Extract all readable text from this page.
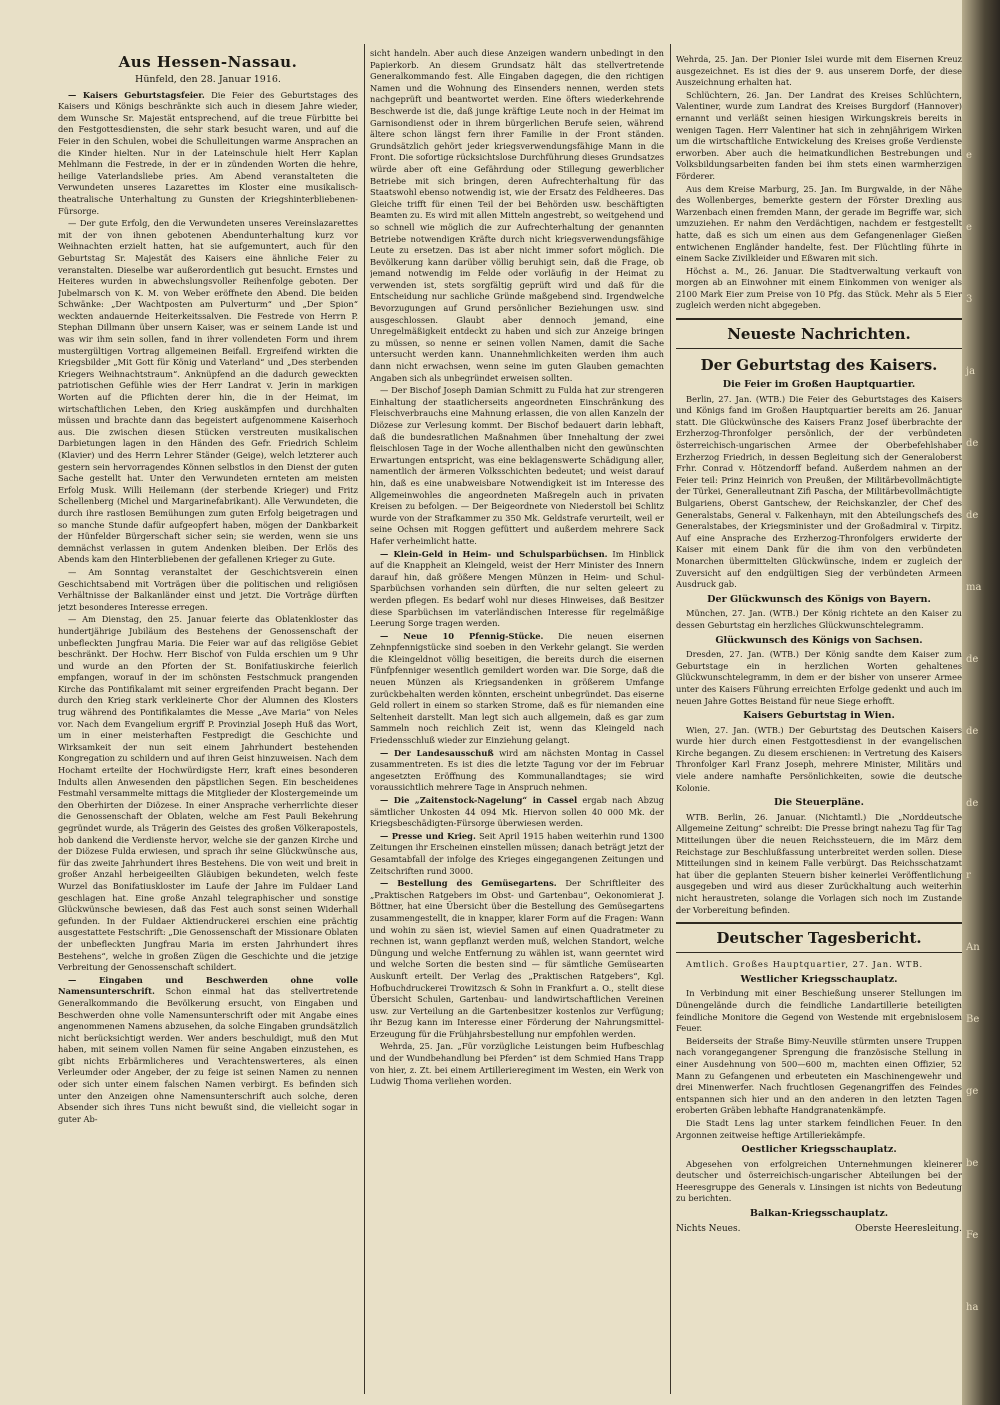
Aus Hessen-Nassau.
Hünfeld, den 28. Januar 1916.

— Kaisers Geburtstagsfeier. Die Feier des Geburtstages des Kaisers und Königs beschränkte sich auch in diesem Jahre wieder, dem Wunsche Sr. Majestät entsprechend, auf die treue Fürbitte bei den Festgottesdiensten, die sehr stark besucht waren, und auf die Feier in den Schulen, wobei die Schulleitungen warme Ansprachen an die Kinder hielten. Nur in der Lateinschule hielt Herr Kaplan Mehlmann die Festrede, in der er in zündenden Worten die hehre, heilige Vaterlandsliebe pries. Am Abend veranstalteten die Verwundeten unseres Lazarettes im Kloster eine musikalisch-theatralische Unterhaltung zu Gunsten der Kriegshinterbliebenen-Fürsorge.

— Der gute Erfolg, den die Verwundeten unseres Vereinslazarettes mit der von ihnen gebotenen Abendunterhaltung kurz vor Weihnachten erzielt hatten, hat sie aufgemuntert, auch für den Geburtstag Sr. Majestät des Kaisers eine ähnliche Feier zu veranstalten. Dieselbe war außerordentlich gut besucht. Ernstes und Heiteres wurden in abwechslungsvoller Reihenfolge geboten. Der Jubelmarsch von K. M. von Weber eröffnete den Abend. Die beiden Schwänke: „Der Wachtposten am Pulverturm“ und „Der Spion“ weckten andauernde Heiterkeitssalven. Die Festrede von Herrn P. Stephan Dillmann über unsern Kaiser, was er seinem Lande ist und was wir ihm sein sollen, fand in ihrer vollendeten Form und ihrem mustergültigen Vortrag allgemeinen Beifall. Ergreifend wirkten die Kriegsbilder „Mit Gott für König und Vaterland“ und „Des sterbenden Kriegers Weihnachtstraum“. Anknüpfend an die dadurch geweckten patriotischen Gefühle wies der Herr Landrat v. Jerin in markigen Worten auf die Pflichten derer hin, die in der Heimat, im wirtschaftlichen Leben, den Krieg auskämpfen und durchhalten müssen und brachte dann das begeistert aufgenommene Kaiserhoch aus. Die zwischen diesen Stücken verstreuten musikalischen Darbietungen lagen in den Händen des Gefr. Friedrich Schleim (Klavier) und des Herrn Lehrer Ständer (Geige), welch letzterer auch gestern sein hervorragendes Können selbstlos in den Dienst der guten Sache gestellt hat. Unter den Verwundeten ernteten am meisten Erfolg Musk. Willi Heilemann (der sterbende Krieger) und Fritz Schellenberg (Michel und Margarinefabrikant). Alle Verwundeten, die durch ihre rastlosen Bemühungen zum guten Erfolg beigetragen und so manche Stunde dafür aufgeopfert haben, mögen der Dankbarkeit der Hünfelder Bürgerschaft sicher sein; sie werden, wenn sie uns demnächst verlassen in gutem Andenken bleiben. Der Erlös des Abends kam den Hinterbliebenen der gefallenen Krieger zu Gute.

— Am Sonntag veranstaltet der Geschichtsverein einen Geschichtsabend mit Vorträgen über die politischen und religiösen Verhältnisse der Balkanländer einst und jetzt. Die Vorträge dürften jetzt besonderes Interesse erregen.

— Am Dienstag, den 25. Januar feierte das Oblatenkloster das hundertjährige Jubiläum des Bestehens der Genossenschaft der unbefleckten Jungfrau Maria. Die Feier war auf das religiöse Gebiet beschränkt. Der Hochw. Herr Bischof von Fulda erschien um 9 Uhr und wurde an den Pforten der St. Bonifatiuskirche feierlich empfangen, worauf in der im schönsten Festschmuck prangenden Kirche das Pontifikalamt mit seiner ergreifenden Pracht begann. Der durch den Krieg stark verkleinerte Chor der Alumnen des Klosters trug während des Pontifikalamtes die Messe „Ave Maria“ von Neles vor. Nach dem Evangelium ergriff P. Provinzial Joseph Huß das Wort, um in einer meisterhaften Festpredigt die Geschichte und Wirksamkeit der nun seit einem Jahrhundert bestehenden Kongregation zu schildern und auf ihren Geist hinzuweisen. Nach dem Hochamt erteilte der Hochwürdigste Herr, kraft eines besonderen Indults allen Anwesenden den päpstlichen Segen. Ein bescheidenes Festmahl versammelte mittags die Mitglieder der Klostergemeinde um den Oberhirten der Diözese. In einer Ansprache verherrlichte dieser die Genossenschaft der Oblaten, welche am Fest Pauli Bekehrung gegründet wurde, als Trägerin des Geistes des großen Völkerapostels, hob dankend die Verdienste hervor, welche sie der ganzen Kirche und der Diözese Fulda erwiesen, und sprach ihr seine Glückwünsche aus, für das zweite Jahrhundert ihres Bestehens. Die von weit und breit in großer Anzahl herbeigeeilten Gläubigen bekundeten, welch feste Wurzel das Bonifatiuskloster im Laufe der Jahre im Fuldaer Land geschlagen hat. Eine große Anzahl telegraphischer und sonstige Glückwünsche bewiesen, daß das Fest auch sonst seinen Widerhall gefunden. In der Fuldaer Aktiendruckerei erschien eine prächtig ausgestattete Festschrift: „Die Genossenschaft der Missionare Oblaten der unbefleckten Jungfrau Maria im ersten Jahrhundert ihres Bestehens“, welche in großen Zügen die Geschichte und die jetzige Verbreitung der Genossenschaft schildert.

— Eingaben und Beschwerden ohne volle Namensunterschrift. Schon einmal hat das stellvertretende Generalkommando die Bevölkerung ersucht, von Eingaben und Beschwerden ohne volle Namensunterschrift oder mit Angabe eines angenommenen Namens abzusehen, da solche Eingaben grundsätzlich nicht berücksichtigt werden. Wer anders beschuldigt, muß den Mut haben, mit seinem vollen Namen für seine Angaben einzustehen, es gibt nichts Erbärmlicheres und Verachtenswerteres, als einen Verleumder oder Angeber, der zu feige ist seinen Namen zu nennen oder sich unter einem falschen Namen verbirgt. Es befinden sich unter den Anzeigen ohne Namensunterschrift auch solche, deren Absender sich ihres Tuns nicht bewußt sind, die vielleicht sogar in guter Ab-

sicht handeln. Aber auch diese Anzeigen wandern unbedingt in den Papierkorb. An diesem Grundsatz hält das stellvertretende Generalkommando fest. Alle Eingaben dagegen, die den richtigen Namen und die Wohnung des Einsenders nennen, werden stets nachgeprüft und beantwortet werden. Eine öfters wiederkehrende Beschwerde ist die, daß junge kräftige Leute noch in der Heimat im Garnisondienst oder in ihrem bürgerlichen Berufe seien, während ältere schon längst fern ihrer Familie in der Front ständen. Grundsätzlich gehört jeder kriegsverwendungsfähige Mann in die Front. Die sofortige rücksichtslose Durchführung dieses Grundsatzes würde aber oft eine Gefährdung oder Stillegung gewerblicher Betriebe mit sich bringen, deren Aufrechterhaltung für das Staatswohl ebenso notwendig ist, wie der Ersatz des Feldheeres. Das Gleiche trifft für einen Teil der bei Behörden usw. beschäftigten Beamten zu. Es wird mit allen Mitteln angestrebt, so weitgehend und so schnell wie möglich die zur Aufrechterhaltung der genannten Betriebe notwendigen Kräfte durch nicht kriegsverwendungsfähige Leute zu ersetzen. Das ist aber nicht immer sofort möglich. Die Bevölkerung kann darüber völlig beruhigt sein, daß die Frage, ob jemand notwendig im Felde oder vorläufig in der Heimat zu verwenden ist, stets sorgfältig geprüft wird und daß für die Entscheidung nur sachliche Gründe maßgebend sind. Irgendwelche Bevorzugungen auf Grund persönlicher Beziehungen usw. sind ausgeschlossen. Glaubt aber dennoch jemand, eine Unregelmäßigkeit entdeckt zu haben und sich zur Anzeige bringen zu müssen, so nenne er seinen vollen Namen, damit die Sache untersucht werden kann. Unannehmlichkeiten werden ihm auch dann nicht erwachsen, wenn seine im guten Glauben gemachten Angaben sich als unbegründet erweisen sollten.

— Der Bischof Joseph Damian Schmitt zu Fulda hat zur strengeren Einhaltung der staatlicherseits angeordneten Einschränkung des Fleischverbrauchs eine Mahnung erlassen, die von allen Kanzeln der Diözese zur Verlesung kommt. Der Bischof bedauert darin lebhaft, daß die bundesratlichen Maßnahmen über Innehaltung der zwei fleischlosen Tage in der Woche allenthalben nicht den gewünschten Erwartungen entspricht, was eine beklagenswerte Schädigung aller, namentlich der ärmeren Volksschichten bedeutet; und weist darauf hin, daß es eine unabweisbare Notwendigkeit ist im Interesse des Allgemeinwohles die angeordneten Maßregeln auch in privaten Kreisen zu befolgen. — Der Beigeordnete von Niederstoll bei Schlitz wurde von der Strafkammer zu 350 Mk. Geldstrafe verurteilt, weil er seine Ochsen mit Roggen gefüttert und außerdem mehrere Sack Hafer verheimlicht hatte.

— Klein-Geld in Heim- und Schulsparbüchsen. Im Hinblick auf die Knappheit an Kleingeld, weist der Herr Minister des Innern darauf hin, daß größere Mengen Münzen in Heim- und Schul-Sparbüchsen vorhanden sein dürften, die nur selten geleert zu werden pflegen. Es bedarf wohl nur dieses Hinweises, daß Besitzer diese Sparbüchsen im vaterländischen Interesse für regelmäßige Leerung Sorge tragen werden.

— Neue 10 Pfennig-Stücke. Die neuen eisernen Zehnpfennigstücke sind soeben in den Verkehr gelangt. Sie werden die Kleingeldnot völlig beseitigen, die bereits durch die eisernen Fünfpfenniger wesentlich gemildert worden war. Die Sorge, daß die neuen Münzen als Kriegsandenken in größerem Umfange zurückbehalten werden könnten, erscheint unbegründet. Das eiserne Geld rollert in einem so starken Strome, daß es für niemanden eine Seltenheit darstellt. Man legt sich auch allgemein, daß es gar zum Sammeln noch reichlich Zeit ist, wenn das Kleingeld nach Friedensschluß wieder zur Einziehung gelangt.

— Der Landesausschuß wird am nächsten Montag in Cassel zusammentreten. Es ist dies die letzte Tagung vor der im Februar angesetzten Eröffnung des Kommunallandtages; sie wird voraussichtlich mehrere Tage in Anspruch nehmen.

— Die „Zaitenstock-Nagelung“ in Cassel ergab nach Abzug sämtlicher Unkosten 44 094 Mk. Hiervon sollen 40 000 Mk. der Kriegsbeschädigten-Fürsorge überwiesen werden.

— Presse und Krieg. Seit April 1915 haben weiterhin rund 1300 Zeitungen ihr Erscheinen einstellen müssen; danach beträgt jetzt der Gesamtabfall der infolge des Krieges eingegangenen Zeitungen und Zeitschriften rund 3000.

— Bestellung des Gemüsegartens. Der Schriftleiter des „Praktischen Ratgebers im Obst- und Gartenbau“, Oekonomierat J. Böttner, hat eine Übersicht über die Bestellung des Gemüsegartens zusammengestellt, die in knapper, klarer Form auf die Fragen: Wann und wohin zu säen ist, wieviel Samen auf einen Quadratmeter zu rechnen ist, wann gepflanzt werden muß, welchen Standort, welche Düngung und welche Entfernung zu wählen ist, wann geerntet wird und welche Sorten die besten sind — für sämtliche Gemüsearten Auskunft erteilt. Der Verlag des „Praktischen Ratgebers“, Kgl. Hofbuchdruckerei Trowitzsch & Sohn in Frankfurt a. O., stellt diese Übersicht Schulen, Gartenbau- und landwirtschaftlichen Vereinen usw. zur Verteilung an die Gartenbesitzer kostenlos zur Verfügung; ihr Bezug kann im Interesse einer Förderung der Nahrungsmittel-Erzeugung für die Frühjahrsbestellung nur empfohlen werden.

Wehrda, 25. Jan. „Für vorzügliche Leistungen beim Hufbeschlag und der Wundbehandlung bei Pferden“ ist dem Schmied Hans Trapp von hier, z. Zt. bei einem Artillerieregiment im Westen, ein Werk von Ludwig Thoma verliehen worden.

Wehrda, 25. Jan. Der Pionier Islei wurde mit dem Eisernen Kreuz ausgezeichnet. Es ist dies der 9. aus unserem Dorfe, der diese Auszeichnung erhalten hat.

Schlüchtern, 26. Jan. Der Landrat des Kreises Schlüchtern, Valentiner, wurde zum Landrat des Kreises Burgdorf (Hannover) ernannt und verläßt seinen hiesigen Wirkungskreis bereits in wenigen Tagen. Herr Valentiner hat sich in zehnjährigem Wirken um die wirtschaftliche Entwickelung des Kreises große Verdienste erworben. Aber auch die heimatkundlichen Bestrebungen und Volksbildungsarbeiten fanden bei ihm stets einen warmherzigen Förderer.

Aus dem Kreise Marburg, 25. Jan. Im Burgwalde, in der Nähe des Wollenberges, bemerkte gestern der Förster Drexling aus Warzenbach einen fremden Mann, der gerade im Begriffe war, sich umzuziehen. Er nahm den Verdächtigen, nachdem er festgestellt hatte, daß es sich um einen aus dem Gefangenenlager Gießen entwichenen Engländer handelte, fest. Der Flüchtling führte in einem Sacke Zivilkleider und Eßwaren mit sich.

Höchst a. M., 26. Januar. Die Stadtverwaltung verkauft von morgen ab an Einwohner mit einem Einkommen von weniger als 2100 Mark Eier zum Preise von 10 Pfg. das Stück. Mehr als 5 Eier zugleich werden nicht abgegeben.

Neueste Nachrichten.
Der Geburtstag des Kaisers.
Die Feier im Großen Hauptquartier.

Berlin, 27. Jan. (WTB.) Die Feier des Geburtstages des Kaisers und Königs fand im Großen Hauptquartier bereits am 26. Januar statt. Die Glückwünsche des Kaisers Franz Josef überbrachte der Erzherzog-Thronfolger persönlich, der der verbündeten österreichisch-ungarischen Armee der Oberbefehlshaber Erzherzog Friedrich, in dessen Begleitung sich der Generaloberst Frhr. Conrad v. Hötzendorff befand. Außerdem nahmen an der Feier teil: Prinz Heinrich von Preußen, der Militärbevollmächtigte der Türkei, Generalleutnant Zifi Pascha, der Militärbevollmächtigte Bulgariens, Oberst Gantschew, der Reichskanzler, der Chef des Generalstabs, General v. Falkenhayn, mit den Abteilungschefs des Generalstabes, der Kriegsminister und der Großadmiral v. Tirpitz. Auf eine Ansprache des Erzherzog-Thronfolgers erwiderte der Kaiser mit einem Dank für die ihm von den verbündeten Monarchen übermittelten Glückwünsche, indem er zugleich der Zuversicht auf den endgültigen Sieg der verbündeten Armeen Ausdruck gab.

Der Glückwunsch des Königs von Bayern.

München, 27. Jan. (WTB.) Der König richtete an den Kaiser zu dessen Geburtstag ein herzliches Glückwunschtelegramm.

Glückwunsch des Königs von Sachsen.

Dresden, 27. Jan. (WTB.) Der König sandte dem Kaiser zum Geburtstage ein in herzlichen Worten gehaltenes Glückwunschtelegramm, in dem er der bisher von unserer Armee unter des Kaisers Führung erreichten Erfolge gedenkt und auch im neuen Jahre Gottes Beistand für neue Siege erhofft.

Kaisers Geburtstag in Wien.

Wien, 27. Jan. (WTB.) Der Geburtstag des Deutschen Kaisers wurde hier durch einen Festgottesdienst in der evangelischen Kirche begangen. Zu diesem erschienen: in Vertretung des Kaisers Thronfolger Karl Franz Joseph, mehrere Minister, Militärs und viele andere namhafte Persönlichkeiten, sowie die deutsche Kolonie.

Die Steuerpläne.

WTB. Berlin, 26. Januar. (Nichtamtl.) Die „Norddeutsche Allgemeine Zeitung“ schreibt: Die Presse bringt nahezu Tag für Tag Mitteilungen über die neuen Reichssteuern, die im März dem Reichstage zur Beschlußfassung unterbreitet werden sollen. Diese Mitteilungen sind in keinem Falle verbürgt. Das Reichsschatzamt hat über die geplanten Steuern bisher keinerlei Veröffentlichung ausgegeben und wird aus dieser Zurückhaltung auch weiterhin nicht heraustreten, solange die Vorlagen sich noch im Zustande der Vorbereitung befinden.

Deutscher Tagesbericht.

Amtlich. Großes Hauptquartier, 27. Jan. WTB.

Westlicher Kriegsschauplatz.

In Verbindung mit einer Beschießung unserer Stellungen im Dünengelände durch die feindliche Landartillerie beteiligten feindliche Monitore die Gegend von Westende mit ergebnislosem Feuer.

Beiderseits der Straße Bimy-Neuville stürmten unsere Truppen nach vorangegangener Sprengung die französische Stellung in einer Ausdehnung von 500—600 m, machten einen Offizier, 52 Mann zu Gefangenen und erbeuteten ein Maschinengewehr und drei Minenwerfer. Nach fruchtlosen Gegenangriffen des Feindes entspannen sich hier und an den anderen in den letzten Tagen eroberten Gräben lebhafte Handgranatenkämpfe.

Die Stadt Lens lag unter starkem feindlichen Feuer. In den Argonnen zeitweise heftige Artilleriekämpfe.

Oestlicher Kriegsschauplatz.

Abgesehen von erfolgreichen Unternehmungen kleinerer deutscher und österreichisch-ungarischer Abteilungen bei der Heeresgruppe des Generals v. Linsingen ist nichts von Bedeutung zu berichten.

Balkan-Kriegsschauplatz.
Nichts Neues.	Oberste Heeresleitung.
e
e
3
ja
de
de
ma
de
de
de
r
An
Be
ge
be
Fe
ha
